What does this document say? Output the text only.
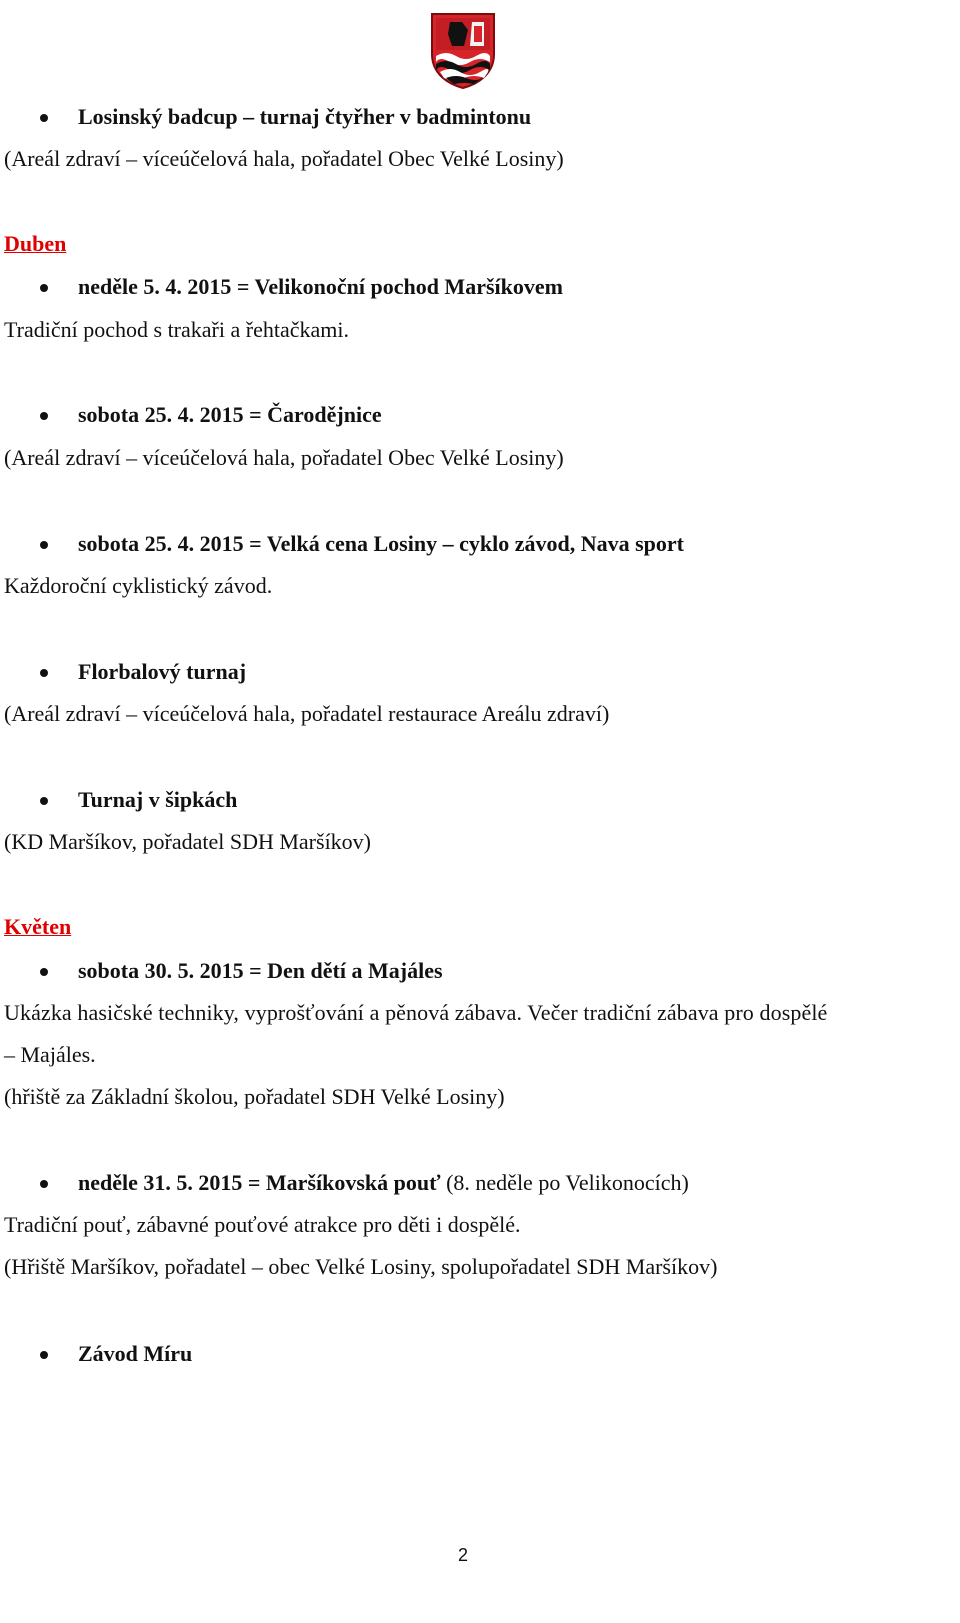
Losinský badcup – turnaj čtyřher v badmintonu
(Areál zdraví – víceúčelová hala, pořadatel Obec Velké Losiny)
Duben
neděle 5. 4. 2015 = Velikonoční pochod Maršíkovem
Tradiční pochod s trakaři a řehtačkami.
sobota 25. 4. 2015 = Čarodějnice
(Areál zdraví – víceúčelová hala, pořadatel Obec Velké Losiny)
sobota 25. 4. 2015 = Velká cena Losiny – cyklo závod, Nava sport
Každoroční cyklistický závod.
Florbalový turnaj
(Areál zdraví – víceúčelová hala, pořadatel restaurace Areálu zdraví)
Turnaj v šipkách
(KD Maršíkov, pořadatel SDH Maršíkov)
Květen
sobota 30. 5. 2015 = Den dětí a Majáles
Ukázka hasičské techniky, vyprošťování a pěnová zábava. Večer tradiční zábava pro dospělé
– Majáles.
(hřiště za Základní školou, pořadatel SDH Velké Losiny)
neděle 31. 5. 2015 = Maršíkovská pouť (8. neděle po Velikonocích)
Tradiční pouť, zábavné pouťové atrakce pro děti i dospělé.
(Hřiště Maršíkov, pořadatel – obec Velké Losiny, spolupořadatel SDH Maršíkov)
Závod Míru
2
